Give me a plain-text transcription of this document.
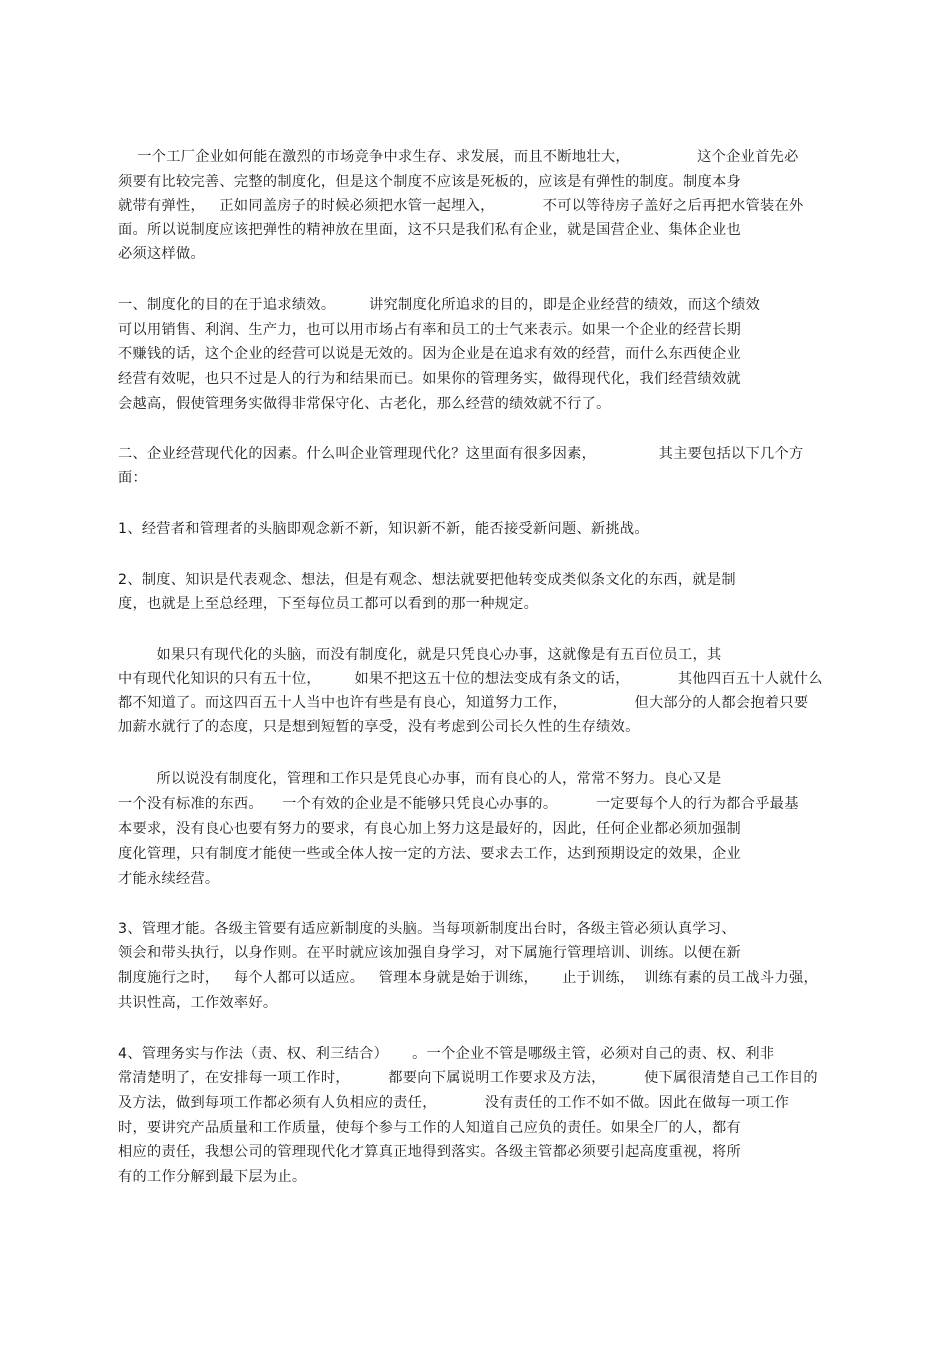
一个工厂企业如何能在激烈的市场竞争中求生存、求发展，而且不断地壮大，              这个企业首先必
须要有比较完善、完整的制度化，但是这个制度不应该是死板的，应该是有弹性的制度。制度本身
就带有弹性，   正如同盖房子的时候必须把水管一起埋入，          不可以等待房子盖好之后再把水管装在外
面。所以说制度应该把弹性的精神放在里面，这不只是我们私有企业，就是国营企业、集体企业也
必须这样做。
一、制度化的目的在于追求绩效。       讲究制度化所追求的目的，即是企业经营的绩效，而这个绩效
可以用销售、利润、生产力，也可以用市场占有率和员工的士气来表示。如果一个企业的经营长期
不赚钱的话，这个企业的经营可以说是无效的。因为企业是在追求有效的经营，而什么东西使企业
经营有效呢，也只不过是人的行为和结果而已。如果你的管理务实，做得现代化，我们经营绩效就
会越高，假使管理务实做得非常保守化、古老化，那么经营的绩效就不行了。
二、企业经营现代化的因素。什么叫企业管理现代化？这里面有很多因素，             其主要包括以下几个方
面：
1、经营者和管理者的头脑即观念新不新，知识新不新，能否接受新问题、新挑战。
2、制度、知识是代表观念、想法，但是有观念、想法就要把他转变成类似条文化的东西，就是制
度，也就是上至总经理，下至每位员工都可以看到的那一种规定。
如果只有现代化的头脑，而没有制度化，就是只凭良心办事，这就像是有五百位员工，其
中有现代化知识的只有五十位，       如果不把这五十位的想法变成有条文的话，          其他四百五十人就什么
都不知道了。而这四百五十人当中也许有些是有良心，知道努力工作，              但大部分的人都会抱着只要
加薪水就行了的态度，只是想到短暂的享受，没有考虑到公司长久性的生存绩效。
所以说没有制度化，管理和工作只是凭良心办事，而有良心的人，常常不努力。良心又是
一个没有标准的东西。    一个有效的企业是不能够只凭良心办事的。        一定要每个人的行为都合乎最基
本要求，没有良心也要有努力的要求，有良心加上努力这是最好的，因此，任何企业都必须加强制
度化管理，只有制度才能使一些或全体人按一定的方法、要求去工作，达到预期设定的效果，企业
才能永续经营。
3、管理才能。各级主管要有适应新制度的头脑。当每项新制度出台时，各级主管必须认真学习、
领会和带头执行，以身作则。在平时就应该加强自身学习，对下属施行管理培训、训练。以便在新
制度施行之时，   每个人都可以适应。   管理本身就是始于训练，     止于训练，  训练有素的员工战斗力强，
共识性高，工作效率好。
4、管理务实与作法（责、权、利三结合）     。一个企业不管是哪级主管，必须对自己的责、权、利非
常清楚明了，在安排每一项工作时，        都要向下属说明工作要求及方法，        使下属很清楚自己工作目的
及方法，做到每项工作都必须有人负相应的责任，          没有责任的工作不如不做。因此在做每一项工作
时，要讲究产品质量和工作质量，使每个参与工作的人知道自己应负的责任。如果全厂的人，都有
相应的责任，我想公司的管理现代化才算真正地得到落实。各级主管都必须要引起高度重视，将所
有的工作分解到最下层为止。
